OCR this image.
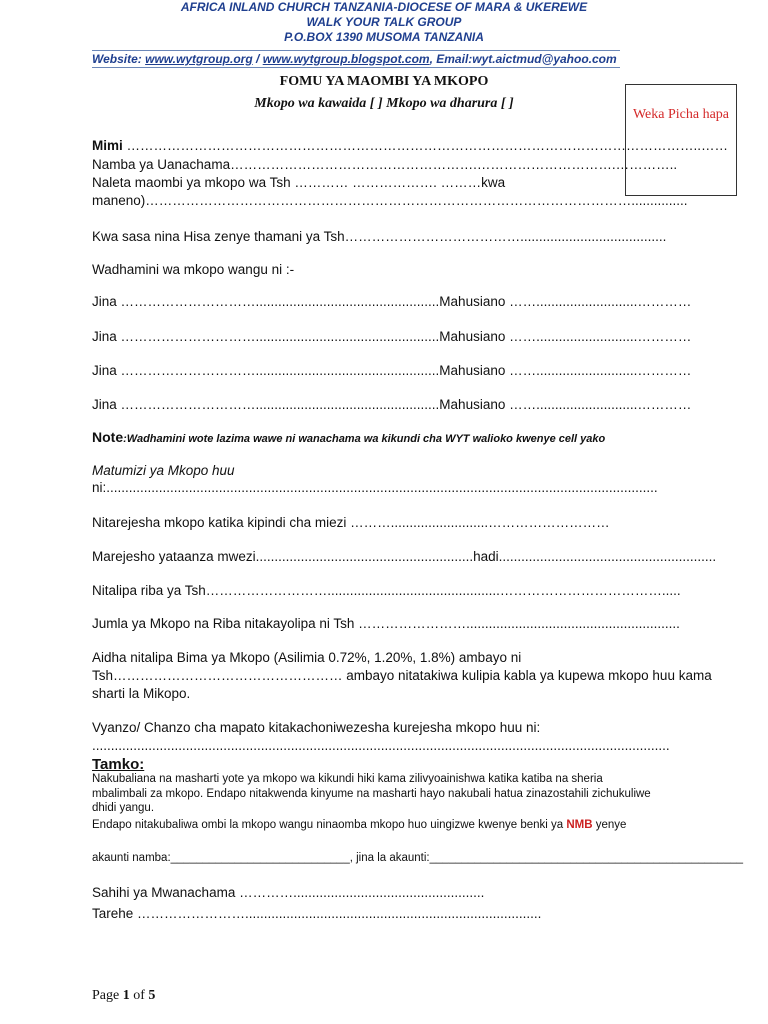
AFRICA INLAND CHURCH TANZANIA-DIOCESE OF MARA & UKEREWE
WALK YOUR TALK GROUP
P.O.BOX 1390 MUSOMA TANZANIA
Website: www.wytgroup.org / www.wytgroup.blogspot.com, Email:wyt.aictmud@yahoo.com
FOMU YA MAOMBI YA MKOPO
Mkopo wa kawaida [ ] Mkopo wa dharura [ ]
Weka Picha hapa
Mimi ………………………………………………………………………………………………………………..……
Namba ya Uanachama……………………………………………….………………………….…………..
Naleta maombi ya mkopo wa Tsh ………… ………………. ………kwa
maneno)………………………………………………………………………………………………...............
Kwa sasa nina Hisa zenye thamani ya Tsh………………………………….......................................
Wadhamini wa mkopo wangu ni :-
Jina ………………………….................................................Mahusiano ……...........................…………
Jina ………………………….................................................Mahusiano ……...........................…………
Jina ………………………….................................................Mahusiano ……...........................…………
Jina ………………………….................................................Mahusiano ……...........................…………
Note:Wadhamini wote lazima wawe ni wanachama wa kikundi cha WYT walioko kwenye cell yako
Matumizi ya Mkopo huu
ni:...................................................................................................................................................
Nitarejesha mkopo katika kipindi cha miezi ………..........................………………………
Marejesho yataanza mwezi..........................................................hadi..........................................................
Nitalipa riba ya Tsh………………………..............................................……………………………….....
Jumla ya Mkopo na Riba nitakayolipa ni Tsh …………………….........................................................
Aidha nitalipa Bima ya Mkopo (Asilimia 0.72%, 1.20%, 1.8%) ambayo ni
Tsh…………………………………………… ambayo nitatakiwa kulipia kabla ya kupewa mkopo huu kama
sharti la Mikopo.
Vyanzo/ Chanzo cha mapato kitakachoniwezesha kurejesha mkopo huu ni:
..........................................................................................................................................................
Tamko:
Nakubaliana na masharti yote ya mkopo wa kikundi hiki kama zilivyoainishwa katika katiba na sheria mbalimbali za mkopo. Endapo nitakwenda kinyume na masharti hayo nakubali hatua zinazostahili zichukuliwe dhidi yangu.
Endapo nitakubaliwa ombi la mkopo wangu ninaomba mkopo huo uingizwe kwenye benki ya NMB yenye
akaunti namba:____________________________, jina la akaunti:_________________________________________________
Sahihi ya Mwanachama …………...................................................
Tarehe ……………………...............................................................................
Page 1 of 5
